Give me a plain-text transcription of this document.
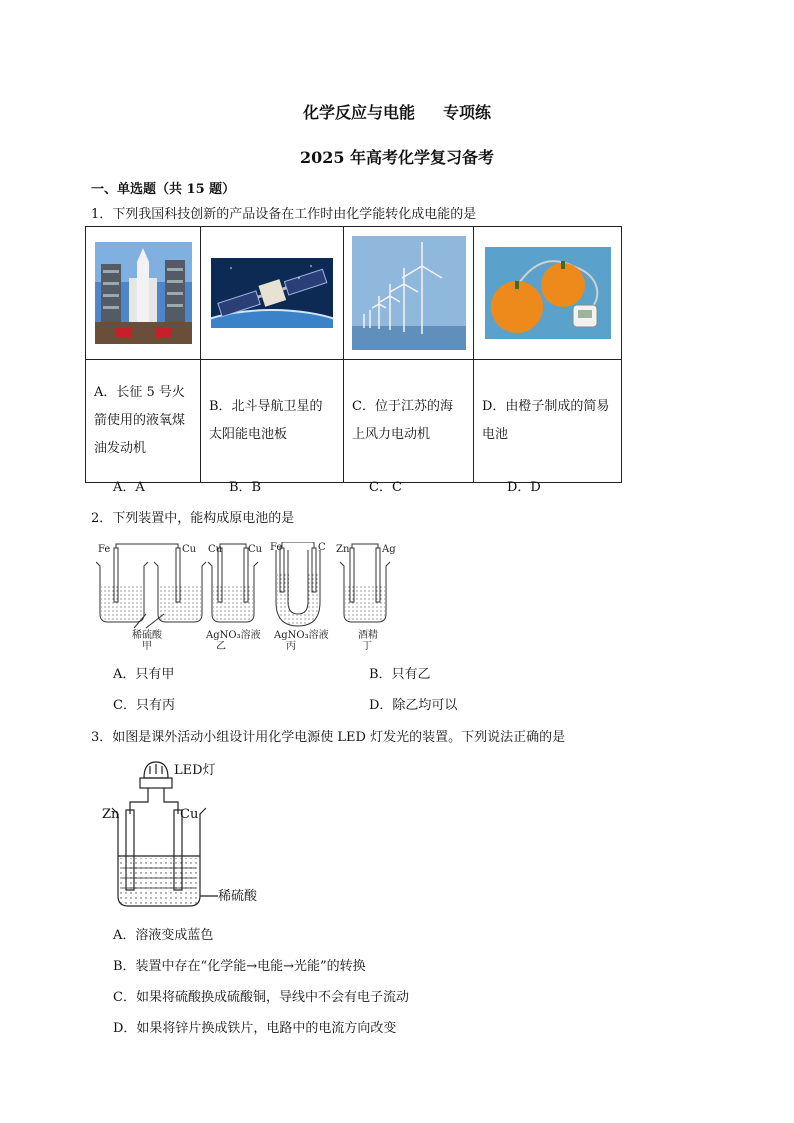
化学反应与电能 专项练
2025 年高考化学复习备考
一、单选题（共 15 题）
1．下列我国科技创新的产品设备在工作时由化学能转化成电能的是

A．长征 5 号火箭使用的液氧煤油发动机	B．北斗导航卫星的太阳能电池板	C．位于江苏的海上风力电动机	D．由橙子制成的简易电池
A．A	B．B	C．C	D．D
2．下列装置中，能构成原电池的是
Fe	Cu
稀硫酸
甲
Cu	Cu
AgNO₃溶液
乙
Fe	C
AgNO₃溶液
丙
Zn	Ag
酒精
丁
A．只有甲	B．只有乙
C．只有丙	D．除乙均可以
3．如图是课外活动小组设计用化学电源使 LED 灯发光的装置。下列说法正确的是
LED灯
Zn	Cu
稀硫酸
A．溶液变成蓝色
B．装置中存在“化学能→电能→光能”的转换
C．如果将硫酸换成硫酸铜，导线中不会有电子流动
D．如果将锌片换成铁片，电路中的电流方向改变
